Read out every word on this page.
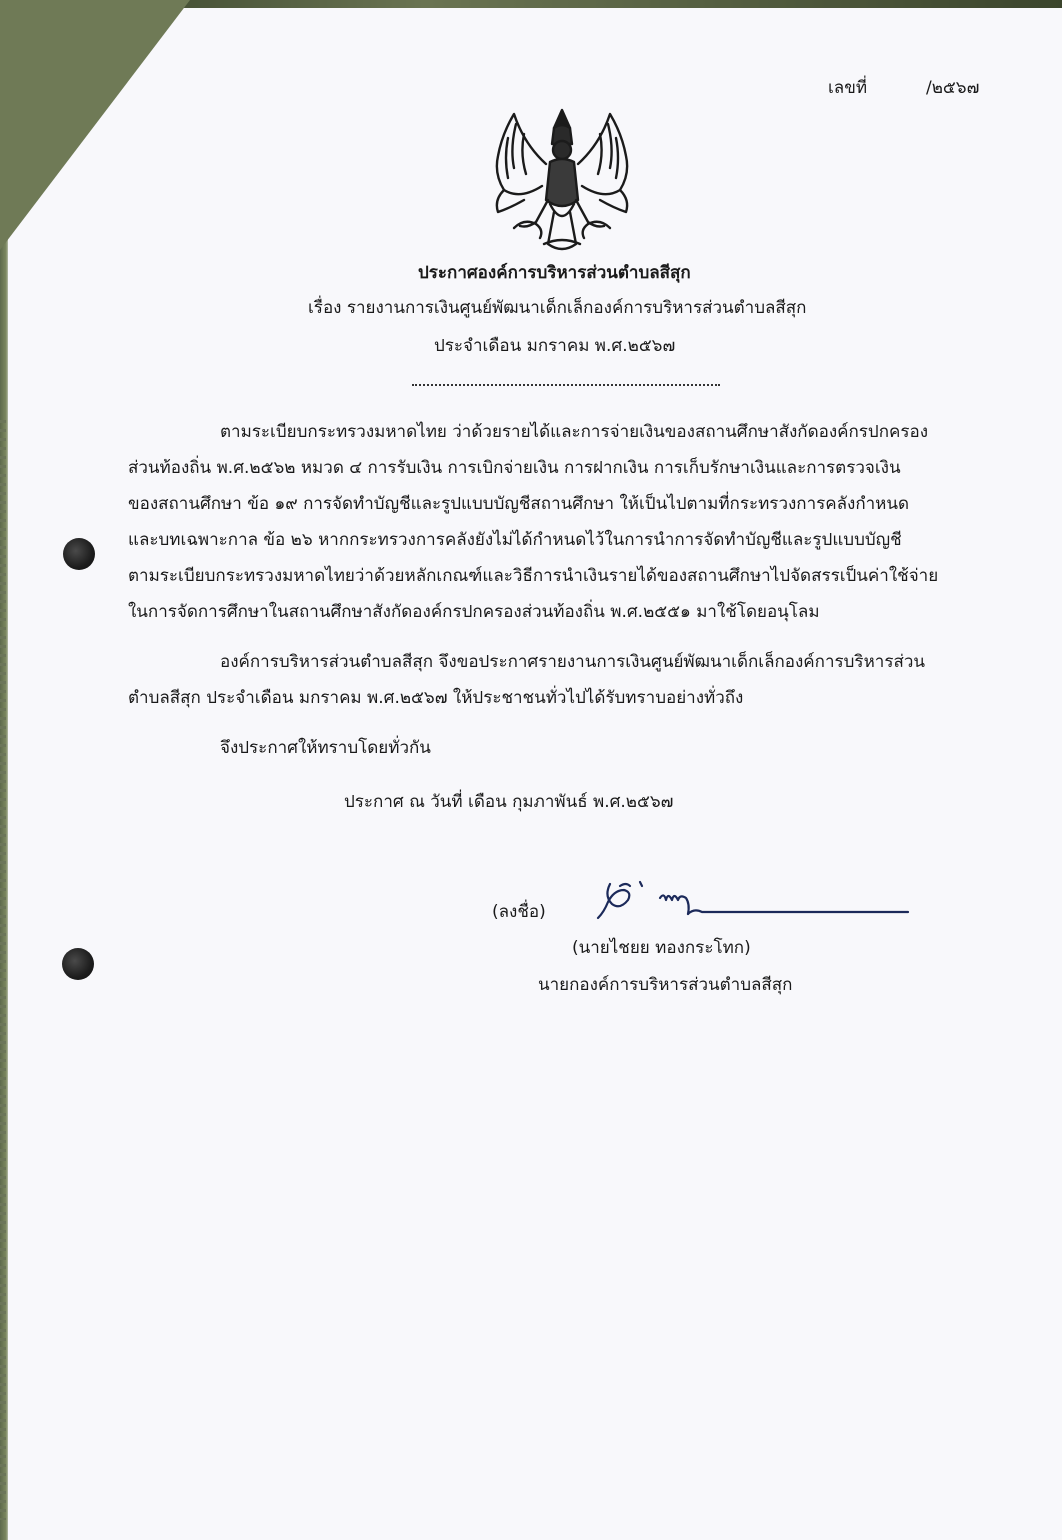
เลขที่	/๒๕๖๗
ประกาศองค์การบริหารส่วนตำบลสีสุก
เรื่อง รายงานการเงินศูนย์พัฒนาเด็กเล็กองค์การบริหารส่วนตำบลสีสุก
ประจำเดือน มกราคม พ.ศ.๒๕๖๗
ตามระเบียบกระทรวงมหาดไทย ว่าด้วยรายได้และการจ่ายเงินของสถานศึกษาสังกัดองค์กรปกครอง
ส่วนท้องถิ่น พ.ศ.๒๕๖๒ หมวด ๔ การรับเงิน การเบิกจ่ายเงิน การฝากเงิน การเก็บรักษาเงินและการตรวจเงิน
ของสถานศึกษา ข้อ ๑๙ การจัดทำบัญชีและรูปแบบบัญชีสถานศึกษา ให้เป็นไปตามที่กระทรวงการคลังกำหนด
และบทเฉพาะกาล ข้อ ๒๖ หากกระทรวงการคลังยังไม่ได้กำหนดไว้ในการนำการจัดทำบัญชีและรูปแบบบัญชี
ตามระเบียบกระทรวงมหาดไทยว่าด้วยหลักเกณฑ์และวิธีการนำเงินรายได้ของสถานศึกษาไปจัดสรรเป็นค่าใช้จ่าย
ในการจัดการศึกษาในสถานศึกษาสังกัดองค์กรปกครองส่วนท้องถิ่น พ.ศ.๒๕๕๑ มาใช้โดยอนุโลม
องค์การบริหารส่วนตำบลสีสุก จึงขอประกาศรายงานการเงินศูนย์พัฒนาเด็กเล็กองค์การบริหารส่วน
ตำบลสีสุก ประจำเดือน มกราคม พ.ศ.๒๕๖๗ ให้ประชาชนทั่วไปได้รับทราบอย่างทั่วถึง
จึงประกาศให้ทราบโดยทั่วกัน
ประกาศ ณ วันที่ เดือน กุมภาพันธ์ พ.ศ.๒๕๖๗
(ลงชื่อ)
(นายไชยย ทองกระโทก)
นายกองค์การบริหารส่วนตำบลสีสุก
